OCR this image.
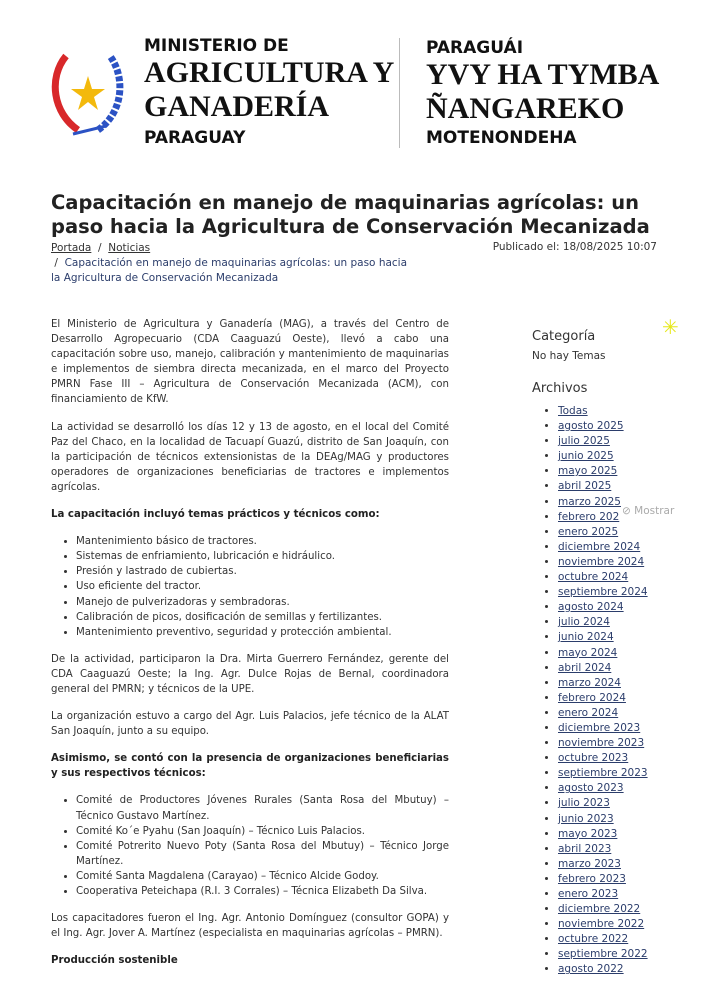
MINISTERIO DE
AGRICULTURA Y
GANADERÍA
PARAGUAY
PARAGUÁI
YVY HA TYMBA
ÑANGAREKO
MOTENONDEHA
Capacitación en manejo de maquinarias agrícolas: un paso hacia la Agricultura de Conservación Mecanizada
Portada  /  Noticias
/  Capacitación en manejo de maquinarias agrícolas: un paso hacia la Agricultura de Conservación Mecanizada
Publicado el: 18/08/2025 10:07

El Ministerio de Agricultura y Ganadería (MAG), a través del Centro de Desarrollo Agropecuario (CDA Caaguazú Oeste), llevó a cabo una capacitación sobre uso, manejo, calibración y mantenimiento de maquinarias e implementos de siembra directa mecanizada, en el marco del Proyecto PMRN Fase III – Agricultura de Conservación Mecanizada (ACM), con financiamiento de KfW.

La actividad se desarrolló los días 12 y 13 de agosto, en el local del Comité Paz del Chaco, en la localidad de Tacuapí Guazú, distrito de San Joaquín, con la participación de técnicos extensionistas de la DEAg/MAG y productores operadores de organizaciones beneficiarias de tractores e implementos agrícolas.

La capacitación incluyó temas prácticos y técnicos como:

• Mantenimiento básico de tractores.
• Sistemas de enfriamiento, lubricación e hidráulico.
• Presión y lastrado de cubiertas.
• Uso eficiente del tractor.
• Manejo de pulverizadoras y sembradoras.
• Calibración de picos, dosificación de semillas y fertilizantes.
• Mantenimiento preventivo, seguridad y protección ambiental.

De la actividad, participaron la Dra. Mirta Guerrero Fernández, gerente del CDA Caaguazú Oeste; la Ing. Agr. Dulce Rojas de Bernal, coordinadora general del PMRN; y técnicos de la UPE.

La organización estuvo a cargo del Agr. Luis Palacios, jefe técnico de la ALAT San Joaquín, junto a su equipo.

Asimismo, se contó con la presencia de organizaciones beneficiarias y sus respectivos técnicos:

• Comité de Productores Jóvenes Rurales (Santa Rosa del Mbutuy) – Técnico Gustavo Martínez.
• Comité Ko´e Pyahu (San Joaquín) – Técnico Luis Palacios.
• Comité Potrerito Nuevo Poty (Santa Rosa del Mbutuy) – Técnico Jorge Martínez.
• Comité Santa Magdalena (Carayao) – Técnico Alcide Godoy.
• Cooperativa Peteichapa (R.I. 3 Corrales) – Técnica Elizabeth Da Silva.

Los capacitadores fueron el Ing. Agr. Antonio Domínguez (consultor GOPA) y el Ing. Agr. Jover A. Martínez (especialista en maquinarias agrícolas – PMRN).

Producción sostenible

✳
Categoría
No hay Temas
Archivos
• Todas
• agosto 2025
• julio 2025
• junio 2025
• mayo 2025
• abril 2025
• marzo 2025
• febrero 202
• enero 2025
• diciembre 2024
• noviembre 2024
• octubre 2024
• septiembre 2024
• agosto 2024
• julio 2024
• junio 2024
• mayo 2024
• abril 2024
• marzo 2024
• febrero 2024
• enero 2024
• diciembre 2023
• noviembre 2023
• octubre 2023
• septiembre 2023
• agosto 2023
• julio 2023
• junio 2023
• mayo 2023
• abril 2023
• marzo 2023
• febrero 2023
• enero 2023
• diciembre 2022
• noviembre 2022
• octubre 2022
• septiembre 2022
• agosto 2022
⊘ Mostrar
